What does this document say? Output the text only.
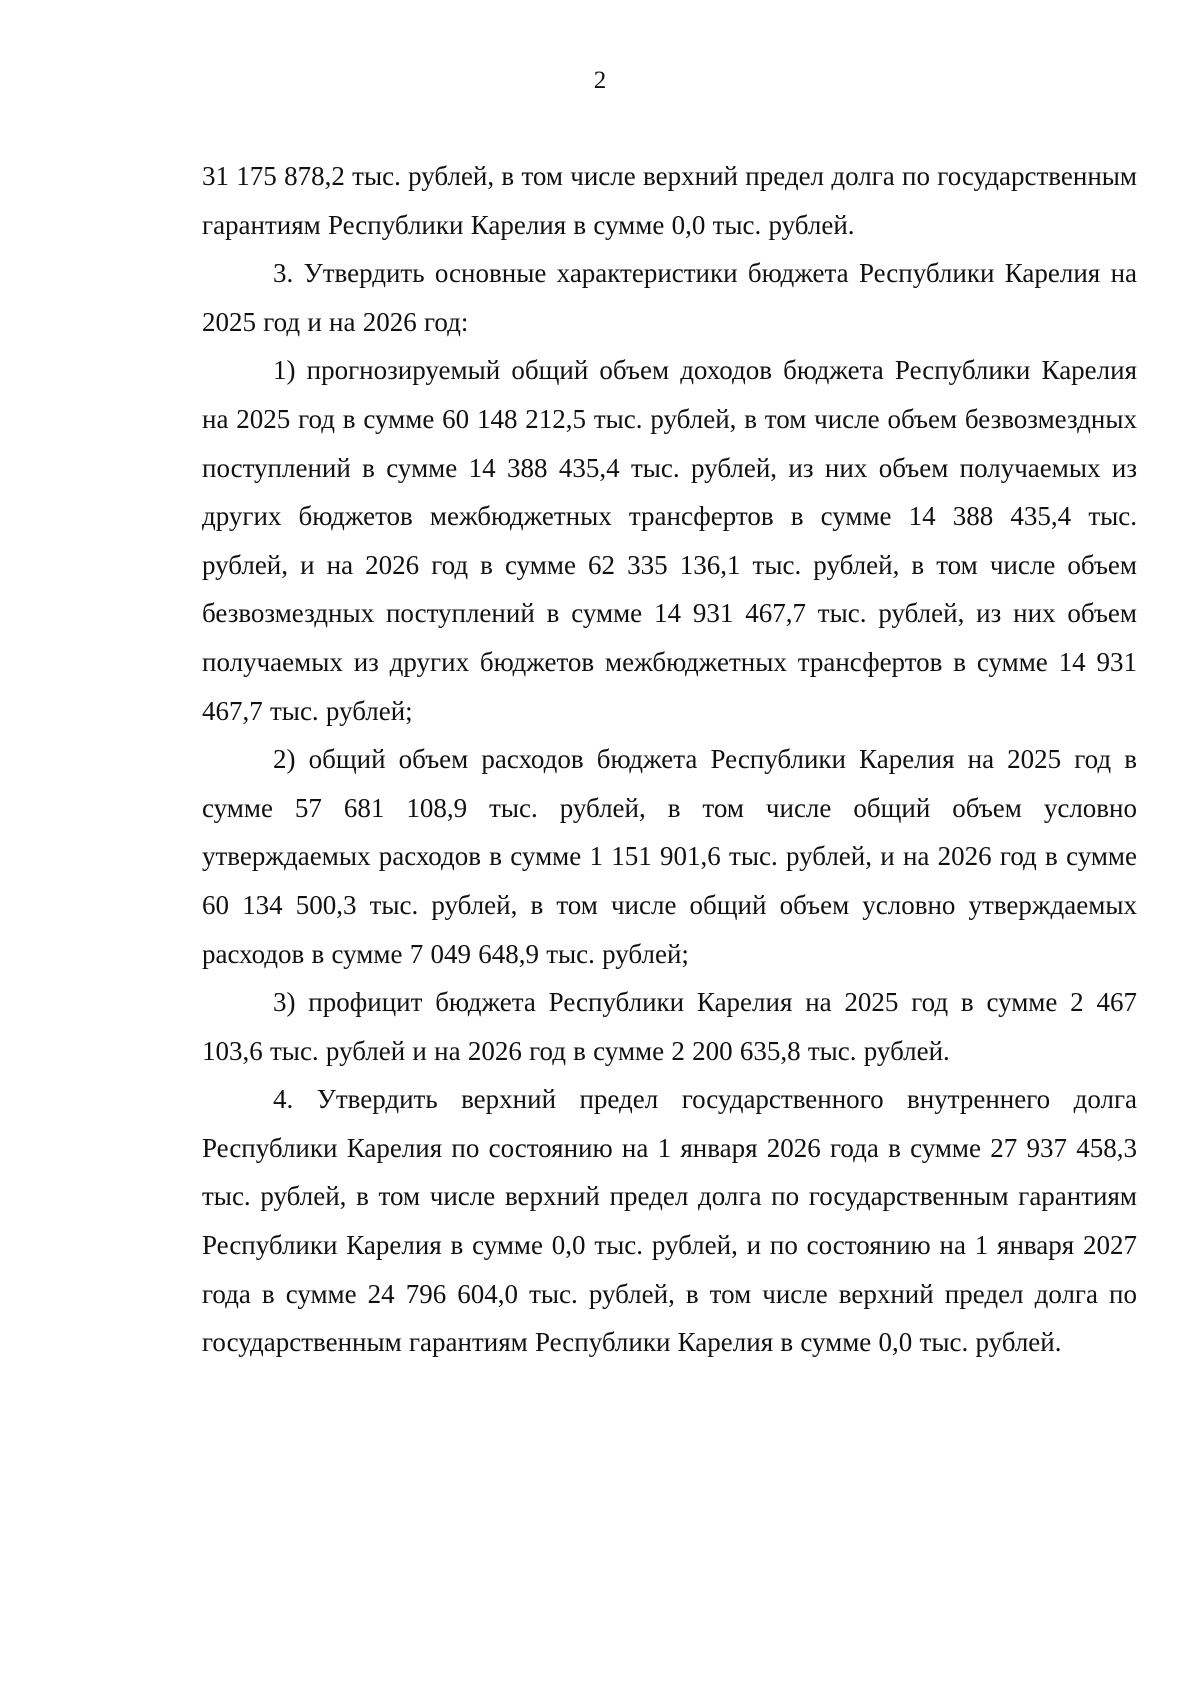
2

31 175 878,2 тыс. рублей, в том числе верхний предел долга по государственным гарантиям Республики Карелия в сумме 0,0 тыс. рублей.

3. Утвердить основные характеристики бюджета Республики Карелия на 2025 год и на 2026 год:

1) прогнозируемый общий объем доходов бюджета Республики Карелия на 2025 год в сумме 60 148 212,5 тыс. рублей, в том числе объем безвозмездных поступлений в сумме 14 388 435,4 тыс. рублей, из них объем получаемых из других бюджетов межбюджетных трансфертов в сумме 14 388 435,4 тыс. рублей, и на 2026 год в сумме 62 335 136,1 тыс. рублей, в том числе объем безвозмездных поступлений в сумме 14 931 467,7 тыс. рублей, из них объем получаемых из других бюджетов межбюджетных трансфертов в сумме 14 931 467,7 тыс. рублей;

2) общий объем расходов бюджета Республики Карелия на 2025 год в сумме 57 681 108,9 тыс. рублей, в том числе общий объем условно утверждаемых расходов в сумме 1 151 901,6 тыс. рублей, и на 2026 год в сумме 60 134 500,3 тыс. рублей, в том числе общий объем условно утверждаемых расходов в сумме 7 049 648,9 тыс. рублей;

3) профицит бюджета Республики Карелия на 2025 год в сумме 2 467 103,6 тыс. рублей и на 2026 год в сумме 2 200 635,8 тыс. рублей.

4. Утвердить верхний предел государственного внутреннего долга Республики Карелия по состоянию на 1 января 2026 года в сумме 27 937 458,3 тыс. рублей, в том числе верхний предел долга по государственным гарантиям Республики Карелия в сумме 0,0 тыс. рублей, и по состоянию на 1 января 2027 года в сумме 24 796 604,0 тыс. рублей, в том числе верхний предел долга по государственным гарантиям Республики Карелия в сумме 0,0 тыс. рублей.
